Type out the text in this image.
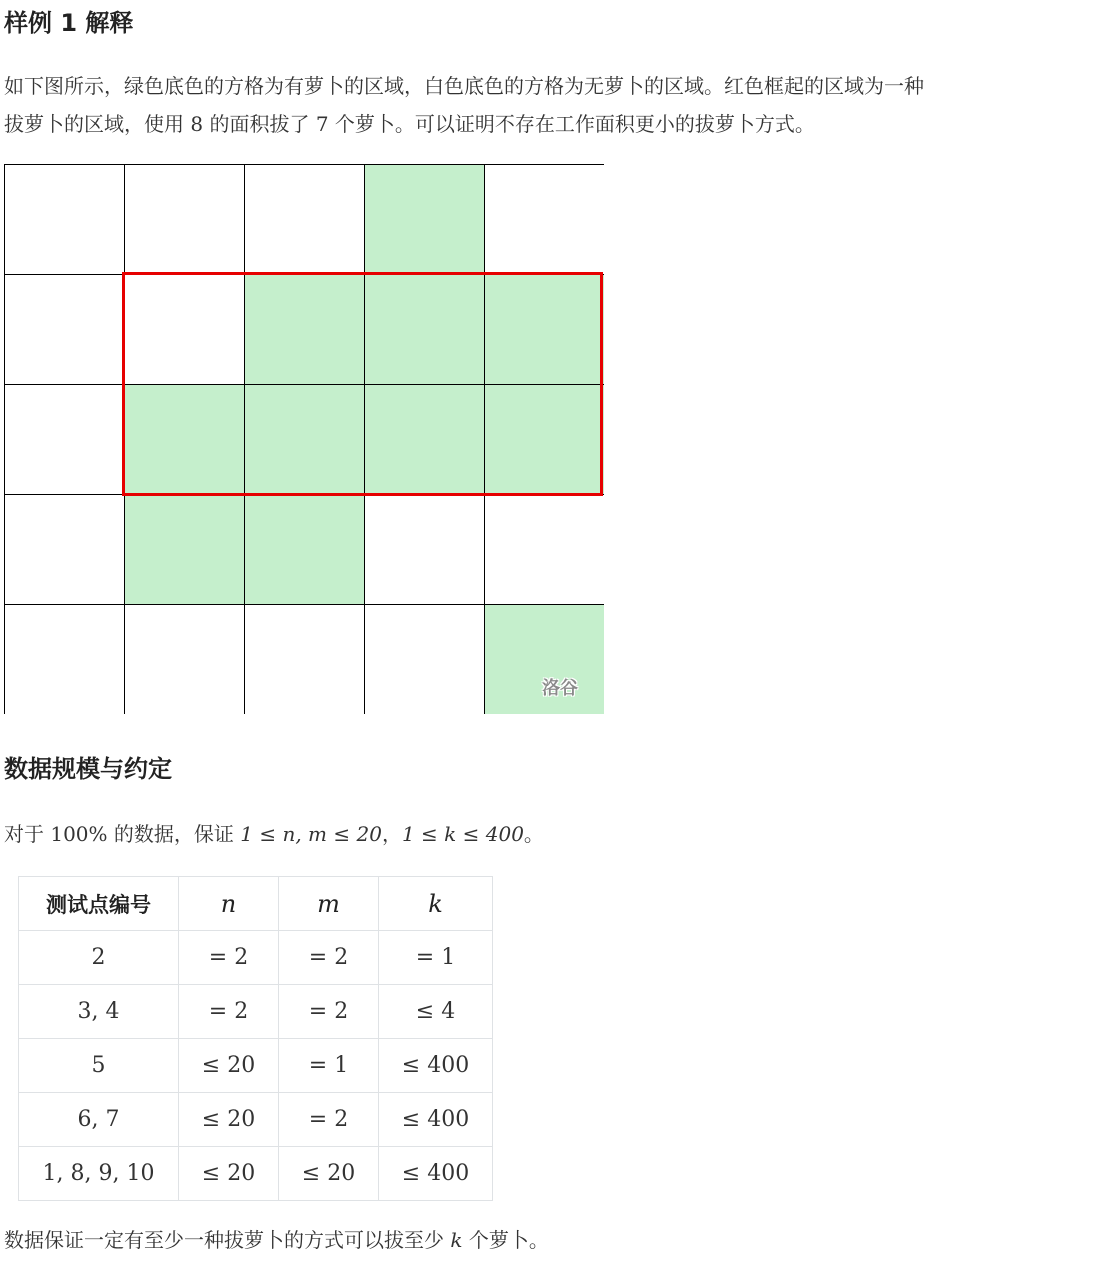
样例 1 解释

如下图所示，绿色底色的方格为有萝卜的区域，白色底色的方格为无萝卜的区域。红色框起的区域为一种

拔萝卜的区域，使用 8 的面积拔了 7 个萝卜。可以证明不存在工作面积更小的拔萝卜方式。

洛谷
数据规模与约定

对于 100% 的数据，保证 1 ≤ n, m ≤ 20，1 ≤ k ≤ 400。

测试点编号	n	m	k
2	= 2	= 2	= 1
3, 4	= 2	= 2	≤ 4
5	≤ 20	= 1	≤ 400
6, 7	≤ 20	= 2	≤ 400
1, 8, 9, 10	≤ 20	≤ 20	≤ 400

数据保证一定有至少一种拔萝卜的方式可以拔至少 k 个萝卜。
